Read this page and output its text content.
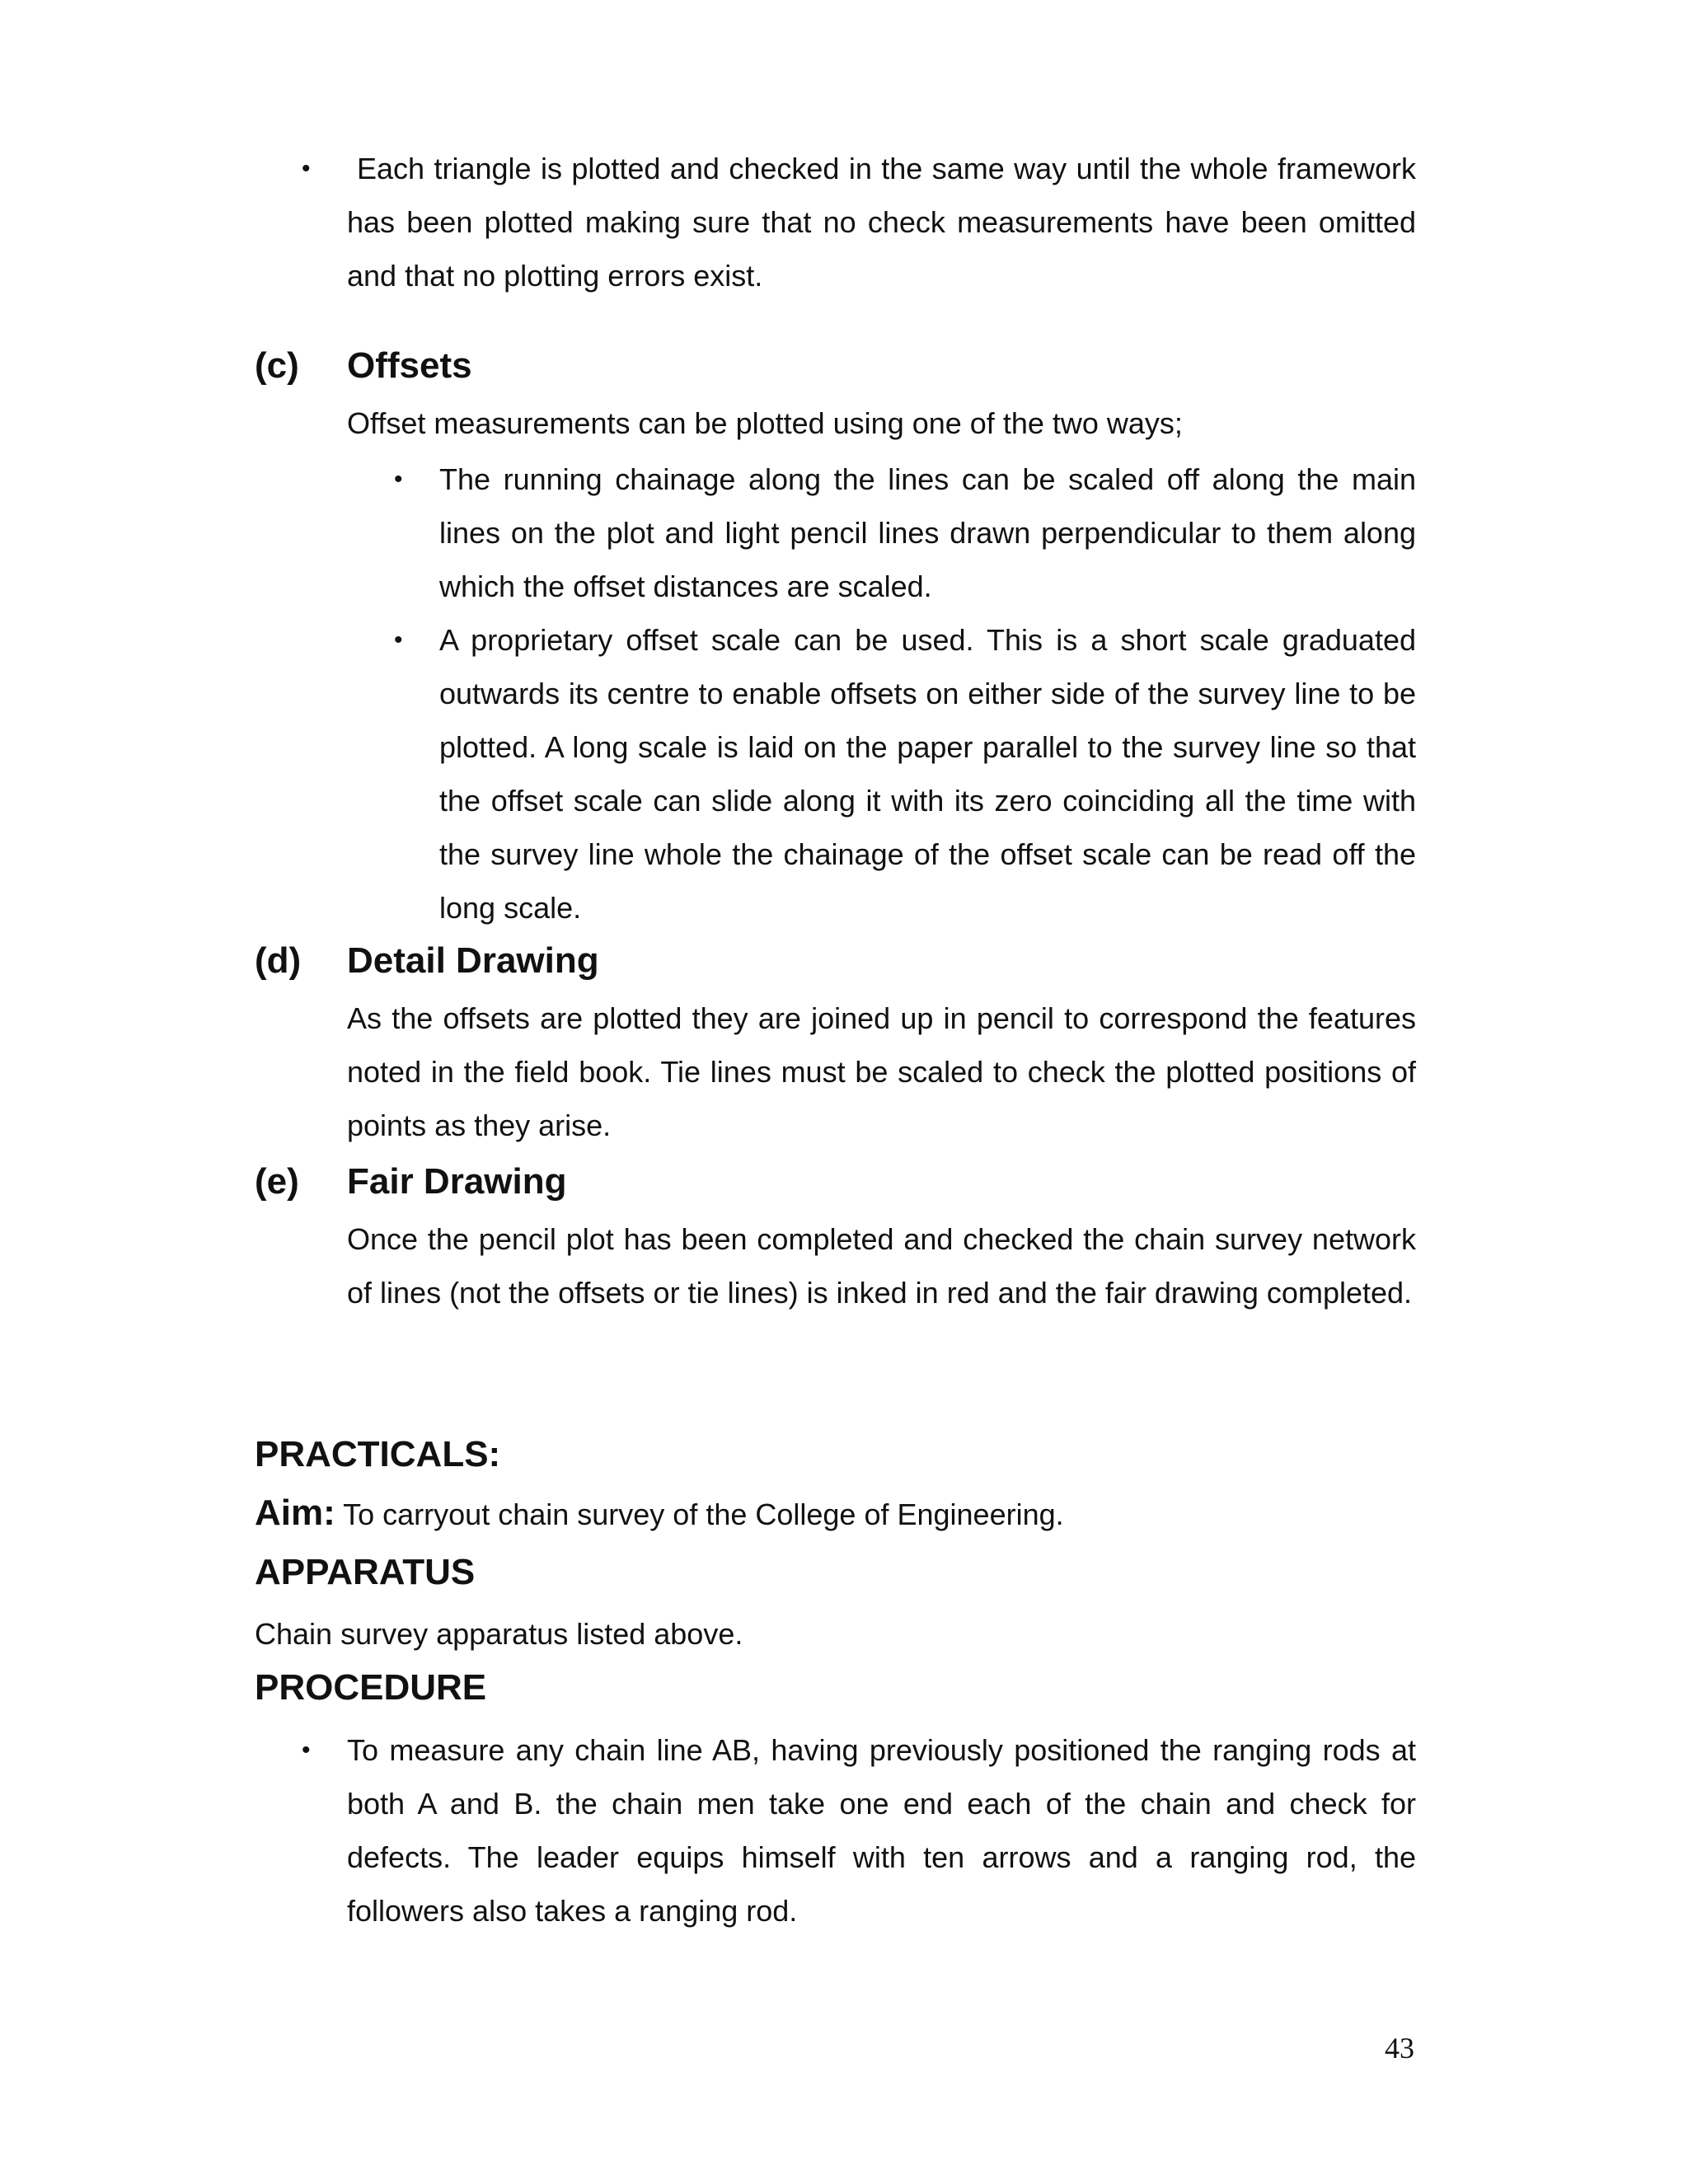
•	Each triangle is plotted and checked in the same way until the whole framework has been plotted making sure that no check measurements have been omitted and that no plotting errors exist.
(c) Offsets
Offset measurements can be plotted using one of the two ways;
• The running chainage along the lines can be scaled off along the main lines on the plot and light pencil lines drawn perpendicular to them along which the offset distances are scaled.
• A proprietary offset scale can be used. This is a short scale graduated outwards its centre to enable offsets on either side of the survey line to be plotted. A long scale is laid on the paper parallel to the survey line so that the offset scale can slide along it with its zero coinciding all the time with the survey line whole the chainage of the offset scale can be read off the long scale.
(d) Detail Drawing
As the offsets are plotted they are joined up in pencil to correspond the features noted in the field book. Tie lines must be scaled to check the plotted positions of points as they arise.
(e) Fair Drawing
Once the pencil plot has been completed and checked the chain survey network of lines (not the offsets or tie lines) is inked in red and the fair drawing completed.
PRACTICALS:
Aim: To carryout chain survey of the College of Engineering.
APPARATUS
Chain survey apparatus listed above.
PROCEDURE
• To measure any chain line AB, having previously positioned the ranging rods at both A and B. the chain men take one end each of the chain and check for defects. The leader equips himself with ten arrows and a ranging rod, the followers also takes a ranging rod.
43
